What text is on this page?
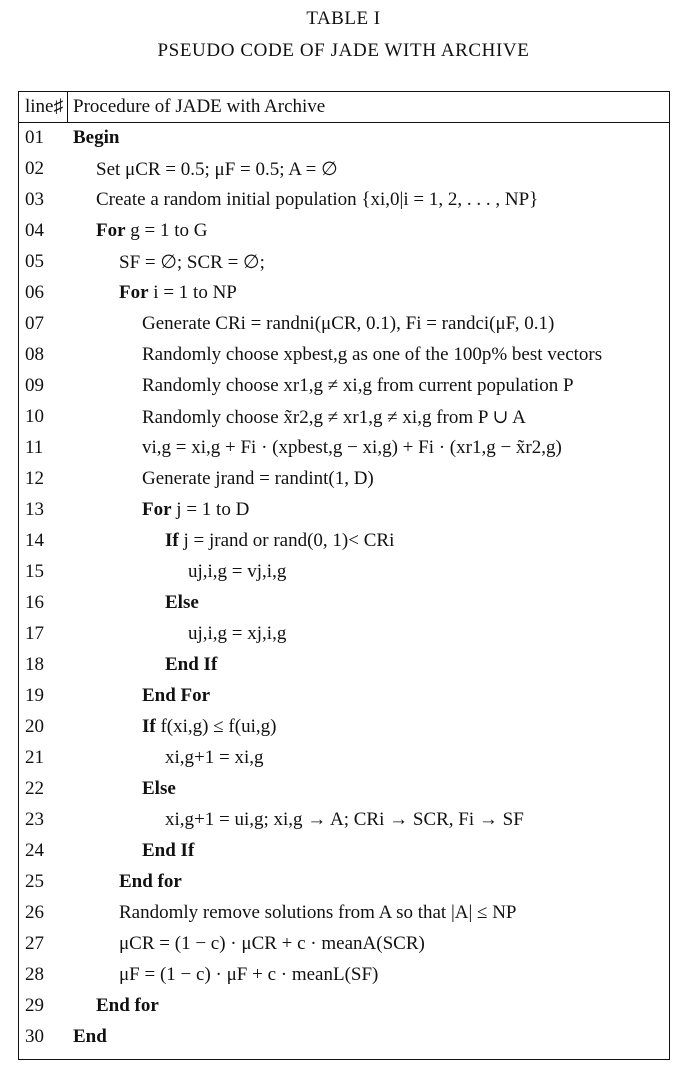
TABLE I
PSEUDO CODE OF JADE WITH ARCHIVE
line♯ Procedure of JADE with Archive
01 Begin
02	Set μCR = 0.5; μF = 0.5; A = ∅
03	Create a random initial population {xi,0|i = 1, 2, . . . , NP}
04	For g = 1 to G
05	SF = ∅; SCR = ∅;
06	For i = 1 to NP
07	Generate CRi = randni(μCR, 0.1), Fi = randci(μF, 0.1)
08	Randomly choose xpbest,g as one of the 100p% best vectors
09	Randomly choose xr1,g ≠ xi,g from current population P
10	Randomly choose x̃r2,g ≠ xr1,g ≠ xi,g from P ∪ A
11	vi,g = xi,g + Fi · (xpbest,g − xi,g) + Fi · (xr1,g − x̃r2,g)
12	Generate jrand = randint(1, D)
13	For j = 1 to D
14	If j = jrand or rand(0, 1)< CRi
15	uj,i,g = vj,i,g
16	Else
17	uj,i,g = xj,i,g
18	End If
19	End For
20	If f(xi,g) ≤ f(ui,g)
21	xi,g+1 = xi,g
22	Else
23	xi,g+1 = ui,g; xi,g → A; CRi → SCR, Fi → SF
24	End If
25	End for
26	Randomly remove solutions from A so that |A| ≤ NP
27	μCR = (1 − c) · μCR + c · meanA(SCR)
28	μF = (1 − c) · μF + c · meanL(SF)
29	End for
30 End
